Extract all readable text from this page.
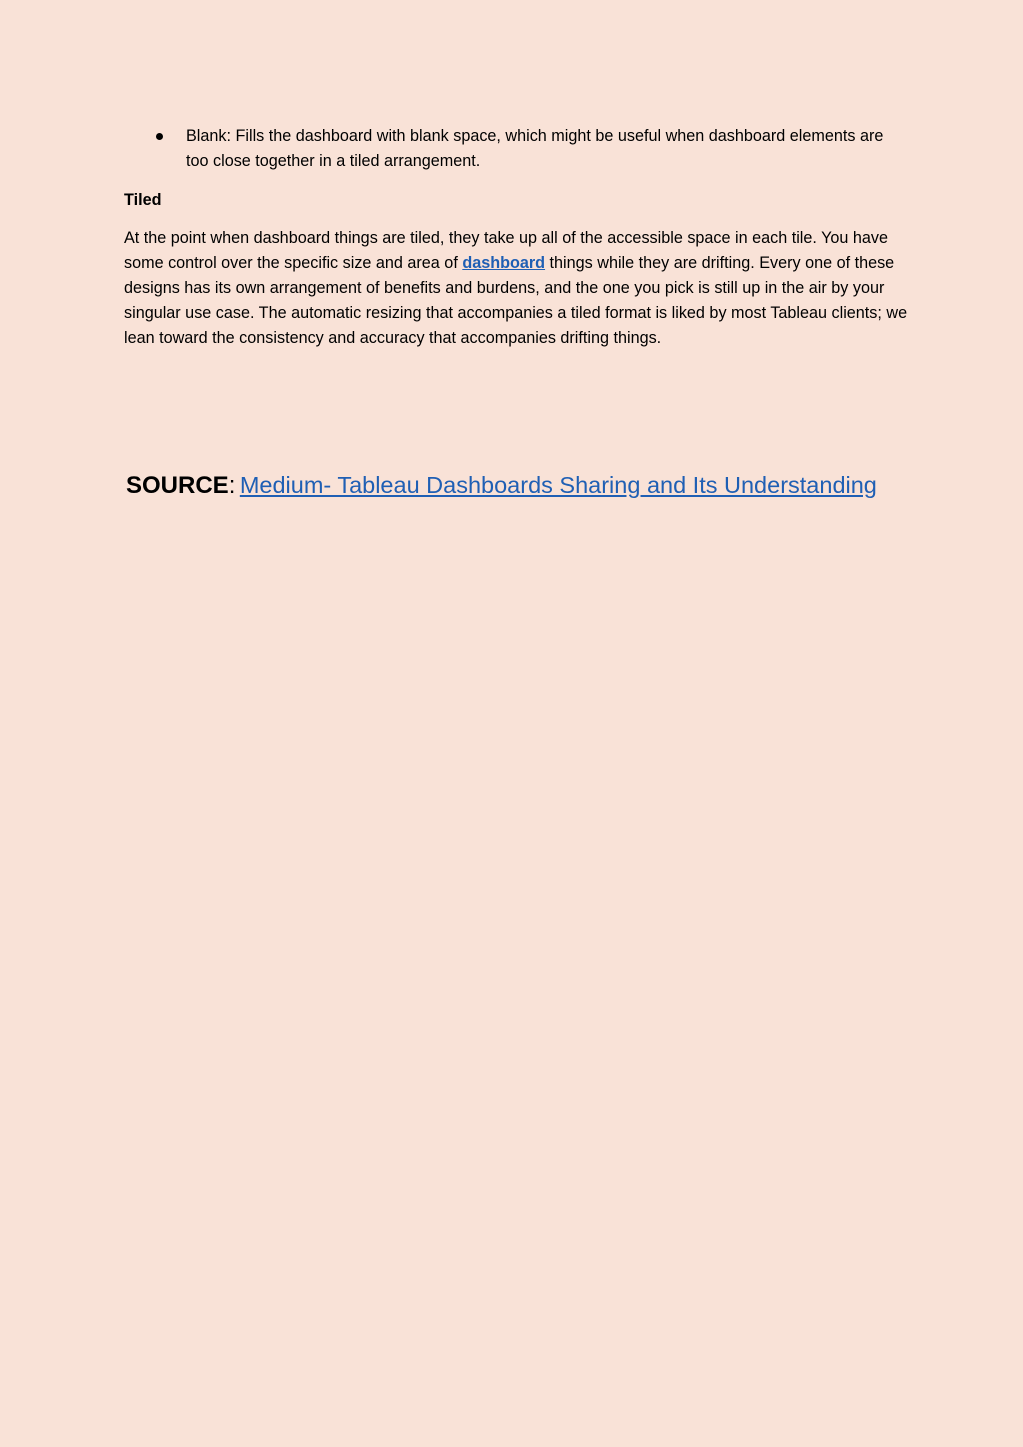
Blank: Fills the dashboard with blank space, which might be useful when dashboard elements are too close together in a tiled arrangement.
Tiled

At the point when dashboard things are tiled, they take up all of the accessible space in each tile. You have some control over the specific size and area of dashboard things while they are drifting. Every one of these designs has its own arrangement of benefits and burdens, and the one you pick is still up in the air by your singular use case. The automatic resizing that accompanies a tiled format is liked by most Tableau clients; we lean toward the consistency and accuracy that accompanies drifting things.

SOURCE: Medium- Tableau Dashboards Sharing and Its Understanding
